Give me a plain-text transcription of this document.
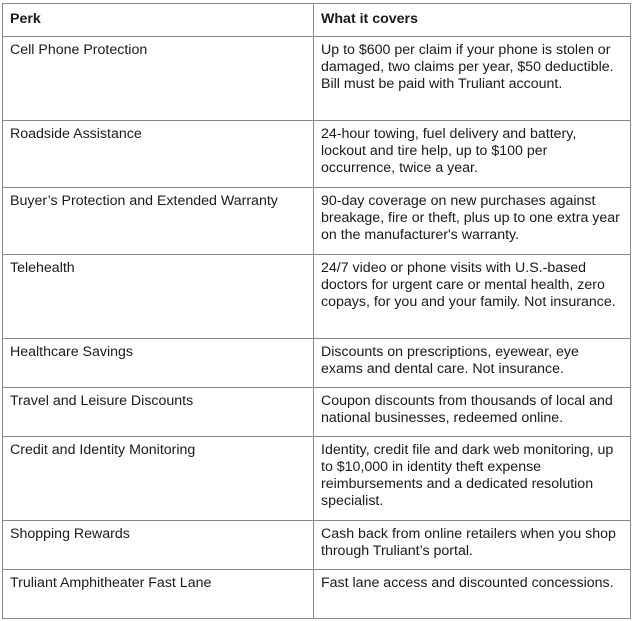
Perk	What it covers
Cell Phone Protection	Up to $600 per claim if your phone is stolen or damaged, two claims per year, $50 deductible. Bill must be paid with Truliant account.
Roadside Assistance	24-hour towing, fuel delivery and battery, lockout and tire help, up to $100 per occurrence, twice a year.
Buyer’s Protection and Extended Warranty	90-day coverage on new purchases against breakage, fire or theft, plus up to one extra year on the manufacturer's warranty.
Telehealth	24/7 video or phone visits with U.S.-based doctors for urgent care or mental health, zero copays, for you and your family. Not insurance.
Healthcare Savings	Discounts on prescriptions, eyewear, eye exams and dental care. Not insurance.
Travel and Leisure Discounts	Coupon discounts from thousands of local and national businesses, redeemed online.
Credit and Identity Monitoring	Identity, credit file and dark web monitoring, up to $10,000 in identity theft expense reimbursements and a dedicated resolution specialist.
Shopping Rewards	Cash back from online retailers when you shop through Truliant’s portal.
Truliant Amphitheater Fast Lane	Fast lane access and discounted concessions.
